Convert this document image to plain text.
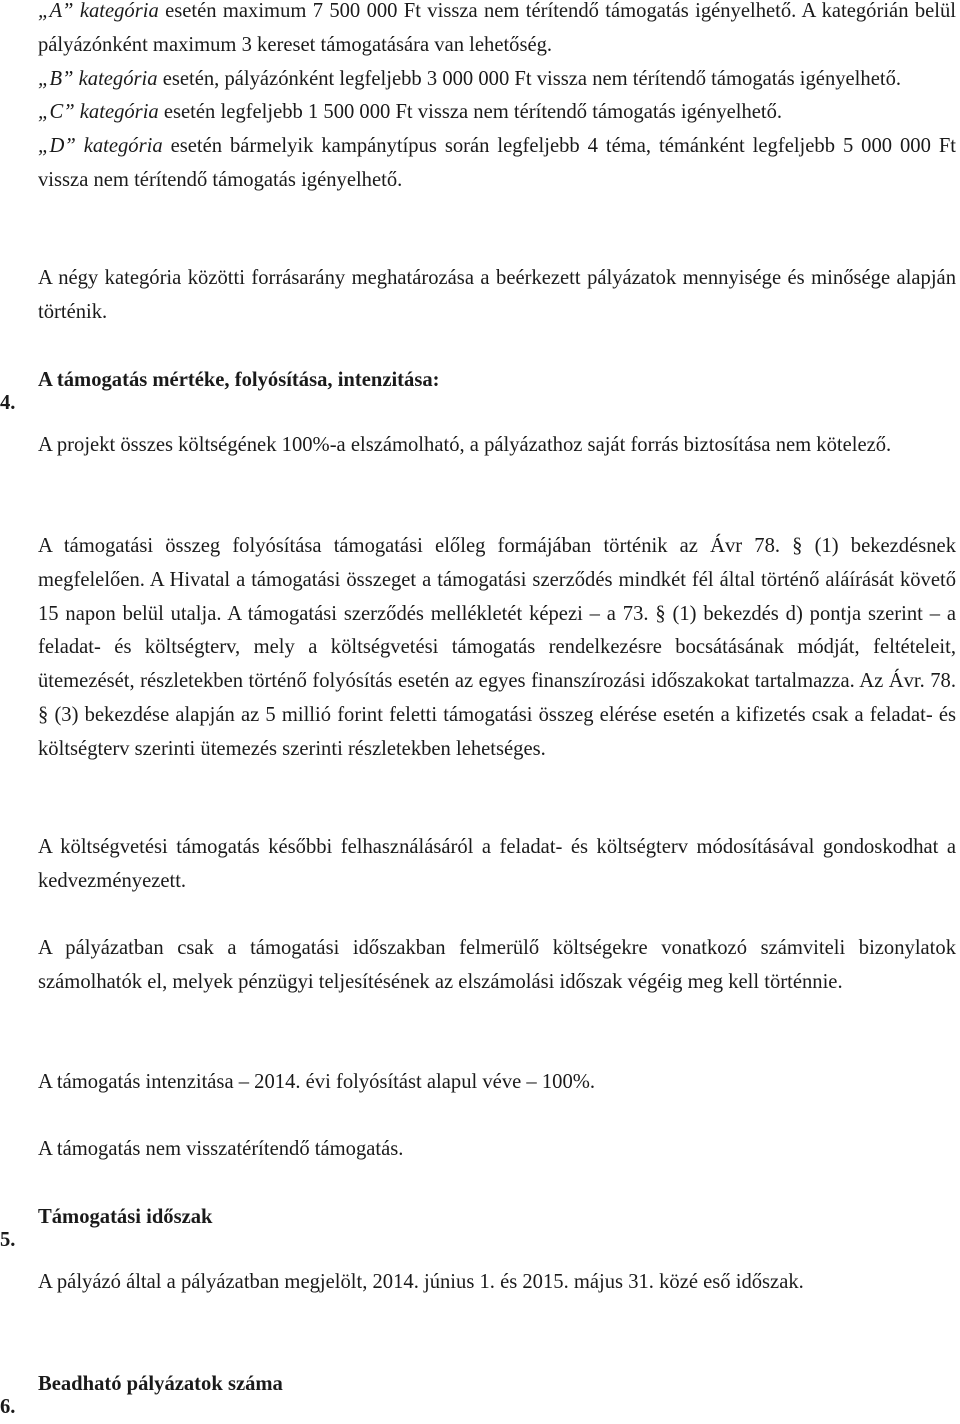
„A” kategória esetén maximum 7 500 000 Ft vissza nem térítendő támogatás igényelhető. A kategórián belül pályázónként maximum 3 kereset támogatására van lehetőség.

„B” kategória esetén, pályázónként legfeljebb 3 000 000 Ft vissza nem térítendő támogatás igényelhető.

„C” kategória esetén legfeljebb 1 500 000 Ft vissza nem térítendő támogatás igényelhető.

„D” kategória esetén bármelyik kampánytípus során legfeljebb 4 téma, témánként legfeljebb 5 000 000 Ft vissza nem térítendő támogatás igényelhető.

A négy kategória közötti forrásarány meghatározása a beérkezett pályázatok mennyisége és minősége alapján történik.

4.
A támogatás mértéke, folyósítása, intenzitása:

A projekt összes költségének 100%-a elszámolható, a pályázathoz saját forrás biztosítása nem kötelező.

A támogatási összeg folyósítása támogatási előleg formájában történik az Ávr 78. § (1) bekezdésnek megfelelően. A Hivatal a támogatási összeget a támogatási szerződés mindkét fél által történő aláírását követő 15 napon belül utalja. A támogatási szerződés mellékletét képezi – a 73. § (1) bekezdés d) pontja szerint – a feladat- és költségterv, mely a költségvetési támogatás rendelkezésre bocsátásának módját, feltételeit, ütemezését, részletekben történő folyósítás esetén az egyes finanszírozási időszakokat tartalmazza. Az Ávr. 78. § (3) bekezdése alapján az 5 millió forint feletti támogatási összeg elérése esetén a kifizetés csak a feladat- és költségterv szerinti ütemezés szerinti részletekben lehetséges.

A költségvetési támogatás későbbi felhasználásáról a feladat- és költségterv módosításával gondoskodhat a kedvezményezett.

A pályázatban csak a támogatási időszakban felmerülő költségekre vonatkozó számviteli bizonylatok számolhatók el, melyek pénzügyi teljesítésének az elszámolási időszak végéig meg kell történnie.

A támogatás intenzitása – 2014. évi folyósítást alapul véve – 100%.

A támogatás nem visszatérítendő támogatás.

5.
Támogatási időszak

A pályázó által a pályázatban megjelölt, 2014. június 1. és 2015. május 31. közé eső időszak.

6.
Beadható pályázatok száma
